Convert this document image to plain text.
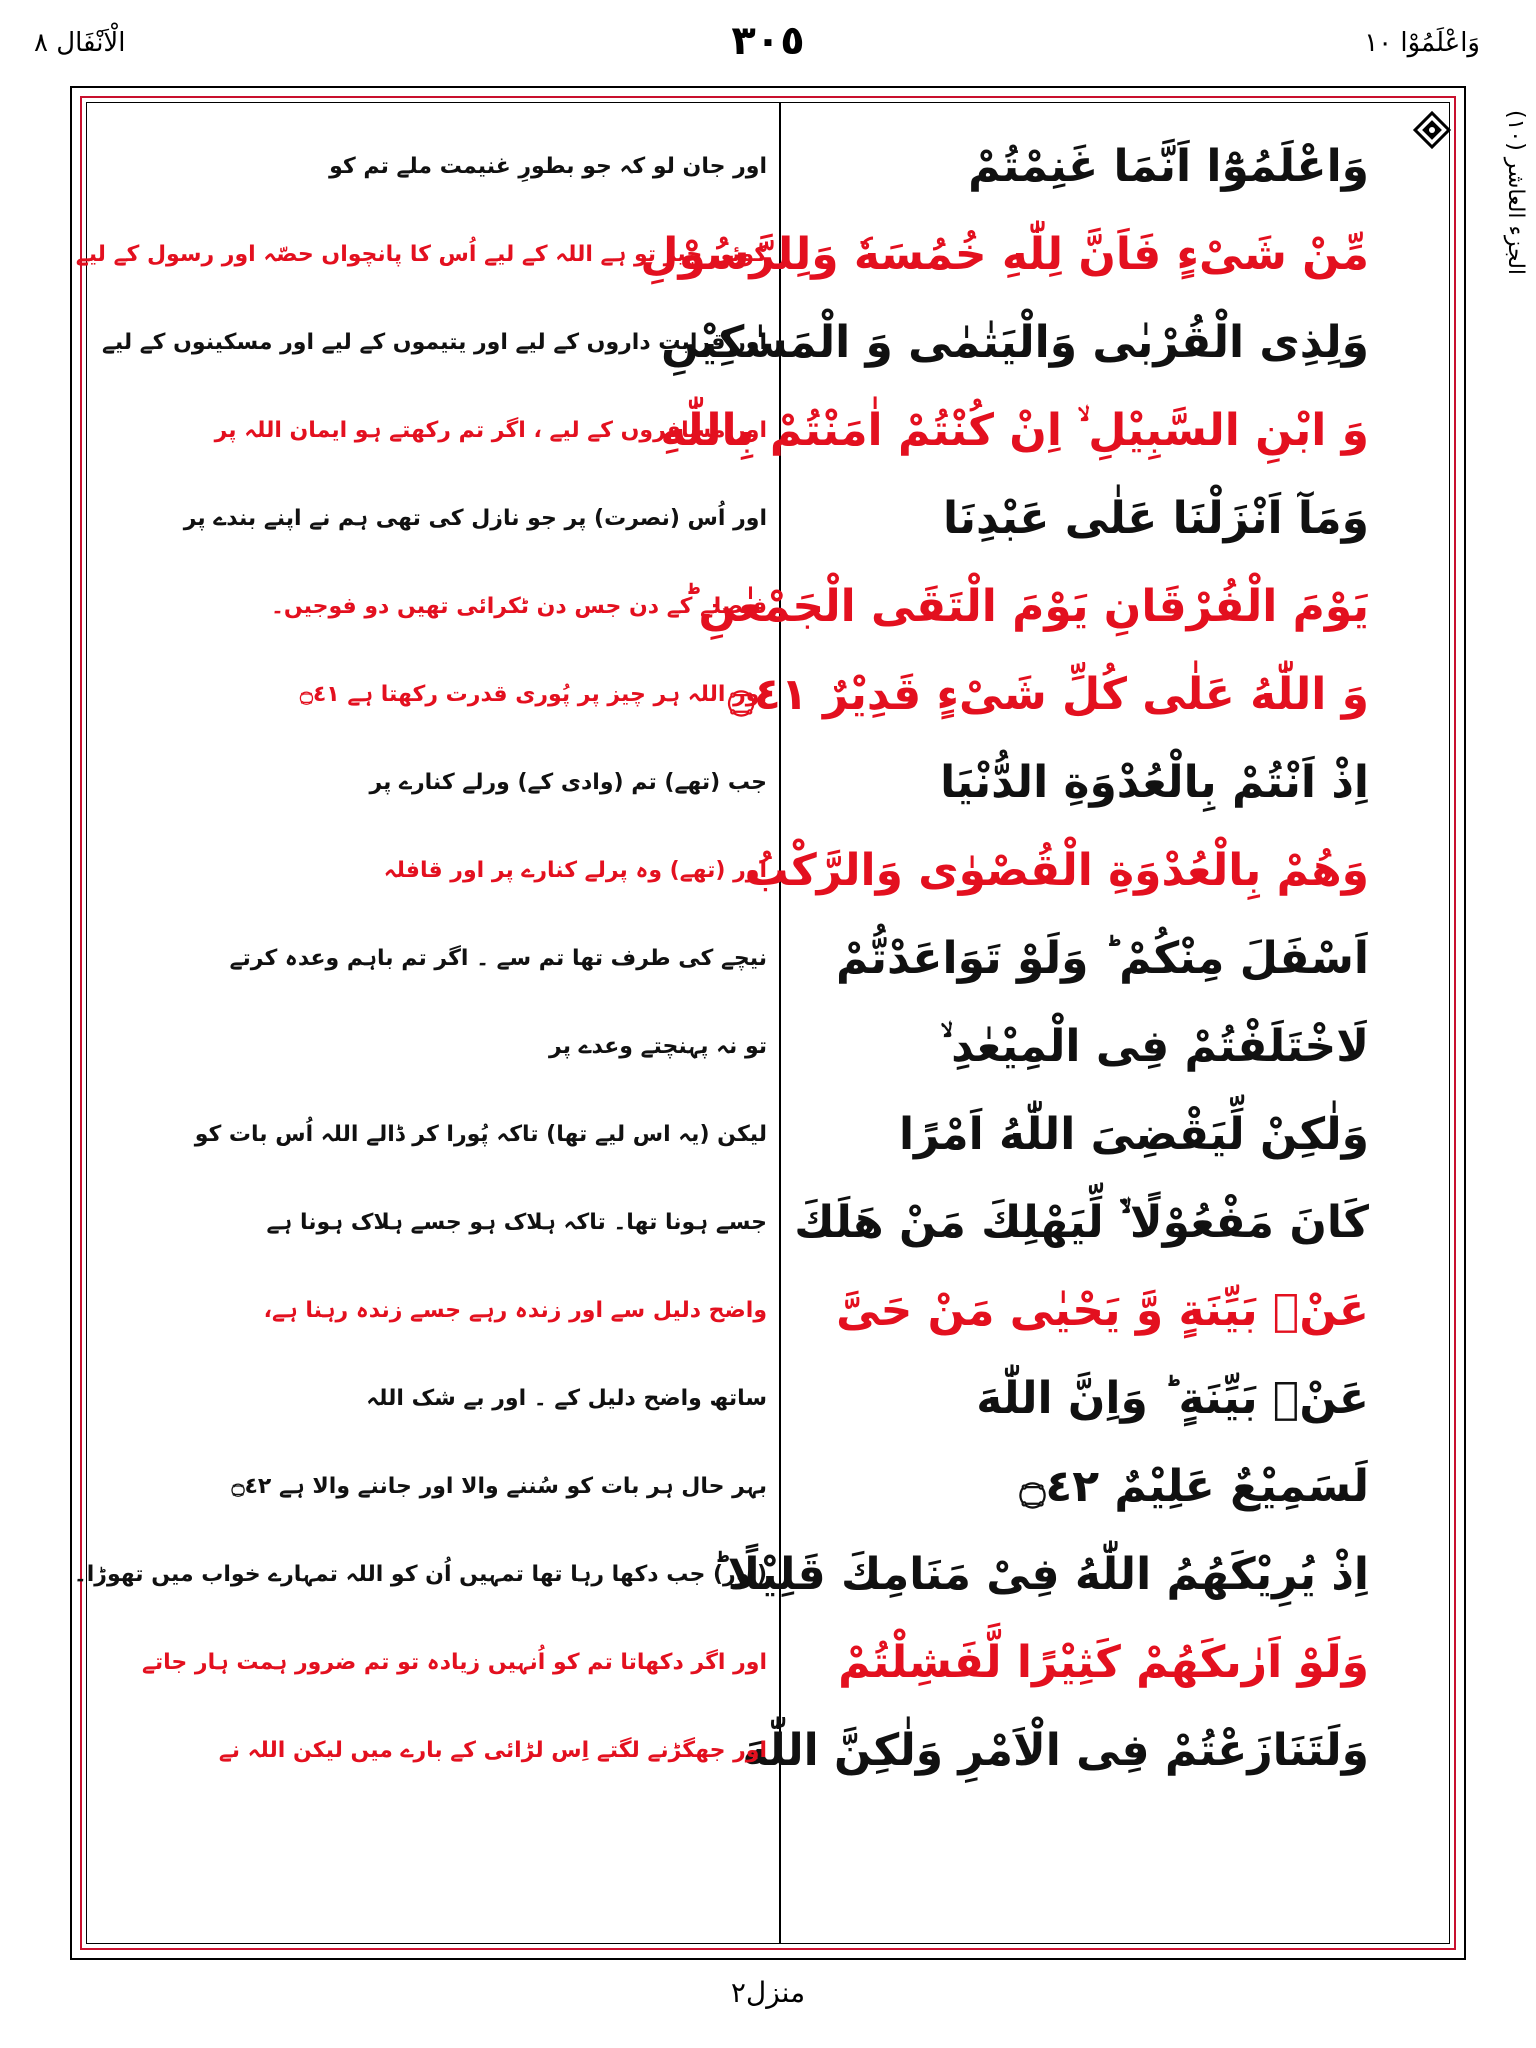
وَاعْلَمُوْا ١٠
٣٠٥
الْاَنْفَال ٨
الجزء العاشر (١٠)
وَاعْلَمُوْٓا اَنَّمَا غَنِمْتُمْ
اور جان لو کہ جو بطورِ غنیمت ملے تم کو
مِّنْ شَیْءٍ فَاَنَّ لِلّٰهِ خُمُسَهٗ وَلِلرَّسُوْلِ
کوئی چیز تو ہے اللہ کے لیے اُس کا پانچواں حصّہ اور رسول کے لیے
وَلِذِی الْقُرْبٰی وَالْیَتٰمٰی وَ الْمَسٰكِیْنِ
اور قرابت داروں کے لیے اور یتیموں کے لیے اور مسکینوں کے لیے
وَ ابْنِ السَّبِیْلِ ۙ اِنْ كُنْتُمْ اٰمَنْتُمْ بِاللّٰهِ
اور مسافروں کے لیے ، اگر تم رکھتے ہو ایمان اللہ پر
وَمَآ اَنْزَلْنَا عَلٰی عَبْدِنَا
اور اُس (نصرت) پر جو نازل کی تھی ہم نے اپنے بندے پر
یَوْمَ الْفُرْقَانِ یَوْمَ الْتَقَی الْجَمْعٰنِ ؕ
فیصلے کے دن جس دن ٹکرائی تھیں دو فوجیں۔
وَ اللّٰهُ عَلٰی كُلِّ شَیْءٍ قَدِیْرٌ ۝٤١
اور اللہ ہر چیز پر پُوری قدرت رکھتا ہے ۝٤١
اِذْ اَنْتُمْ بِالْعُدْوَةِ الدُّنْیَا
جب (تھے) تم (وادی کے) ورلے کنارے پر
وَهُمْ بِالْعُدْوَةِ الْقُصْوٰی وَالرَّكْبُ
اور (تھے) وہ پرلے کنارے پر اور قافلہ
اَسْفَلَ مِنْكُمْ ؕ وَلَوْ تَوَاعَدْتُّمْ
نیچے کی طرف تھا تم سے ۔ اگر تم باہم وعدہ کرتے
لَاخْتَلَفْتُمْ فِی الْمِیْعٰدِ ۙ
تو نہ پہنچتے وعدے پر
وَلٰكِنْ لِّیَقْضِیَ اللّٰهُ اَمْرًا
لیکن (یہ اس لیے تھا) تاکہ پُورا کر ڈالے اللہ اُس بات کو
كَانَ مَفْعُوْلًا ۙ۬ لِّیَهْلِكَ مَنْ هَلَكَ
جسے ہونا تھا۔ تاکہ ہلاک ہو جسے ہلاک ہونا ہے
عَنْۢ بَیِّنَةٍ وَّ یَحْیٰی مَنْ حَیَّ
واضح دلیل سے اور زندہ رہے جسے زندہ رہنا ہے،
عَنْۢ بَیِّنَةٍ ؕ وَاِنَّ اللّٰهَ
ساتھ واضح دلیل کے ۔ اور بے شک اللہ
لَسَمِیْعٌ عَلِیْمٌ ۝٤٢
بہر حال ہر بات کو سُننے والا اور جاننے والا ہے ۝٤٢
اِذْ یُرِیْكَهُمُ اللّٰهُ فِیْ مَنَامِكَ قَلِیْلًا ؕ
(اور) جب دکھا رہا تھا تمہیں اُن کو اللہ تمہارے خواب میں تھوڑا۔
وَلَوْ اَرٰىكَهُمْ كَثِیْرًا لَّفَشِلْتُمْ
اور اگر دکھاتا تم کو اُنہیں زیادہ تو تم ضرور ہمت ہار جاتے
وَلَتَنَازَعْتُمْ فِی الْاَمْرِ وَلٰكِنَّ اللّٰهَ
اور جھگڑنے لگتے اِس لڑائی کے بارے میں لیکن اللہ نے
منزل٢
